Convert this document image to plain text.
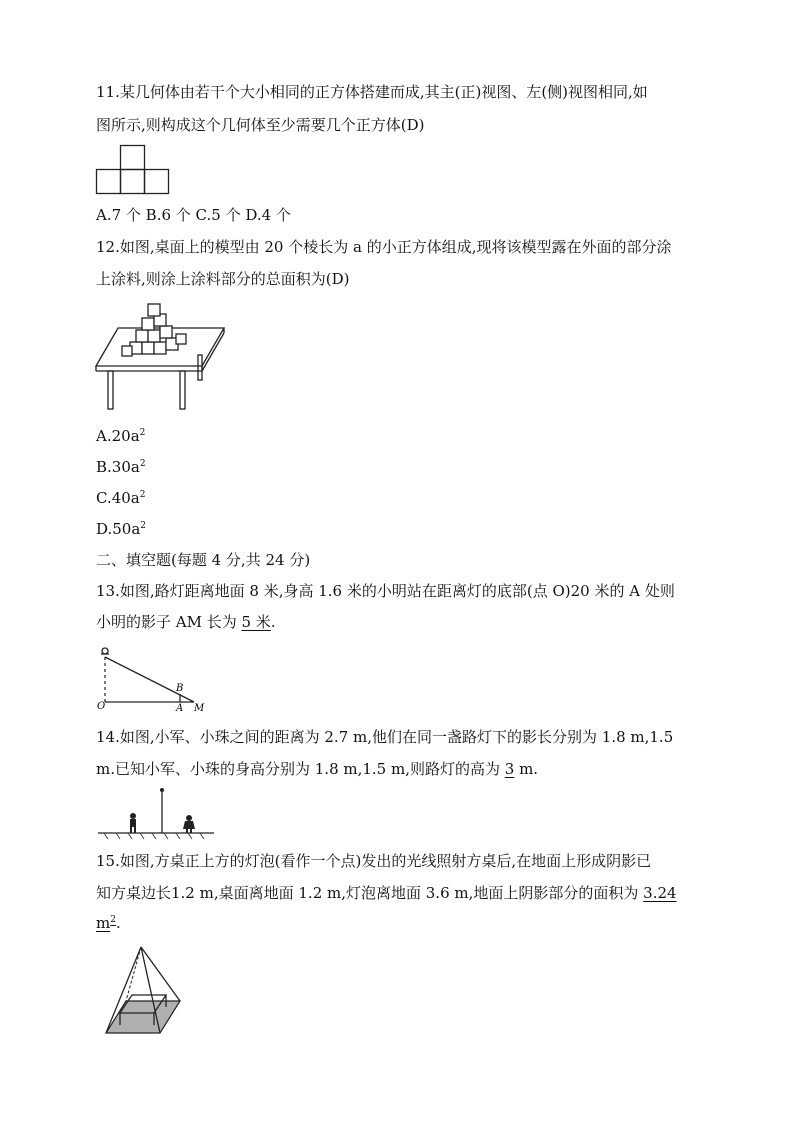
11.某几何体由若干个大小相同的正方体搭建而成,其主(正)视图、左(侧)视图相同,如
图所示,则构成这个几何体至少需要几个正方体(D)
A.7 个 B.6 个 C.5 个 D.4 个
12.如图,桌面上的模型由 20 个棱长为 a 的小正方体组成,现将该模型露在外面的部分涂
上涂料,则涂上涂料部分的总面积为(D)
$A.20a^2$
$B.30a^2$
$C.40a^2$
$D.50a^2$
二、填空题(每题 4 分,共 24 分)
13.如图,路灯距离地面 8 米,身高 1.6 米的小明站在距离灯的底部(点 O)20 米的 A 处则
小明的影子 AM 长为 5 米.
O
B
A M
14.如图,小军、小珠之间的距离为 2.7 m,他们在同一盏路灯下的影长分别为 1.8 m,1.5
m.已知小军、小珠的身高分别为 1.8 m,1.5 m,则路灯的高为 3 m.
15.如图,方桌正上方的灯泡(看作一个点)发出的光线照射方桌后,在地面上形成阴影已
知方桌边长1.2 m,桌面离地面 1.2 m,灯泡离地面 3.6 m,地面上阴影部分的面积为 3.24
$m^2$.
